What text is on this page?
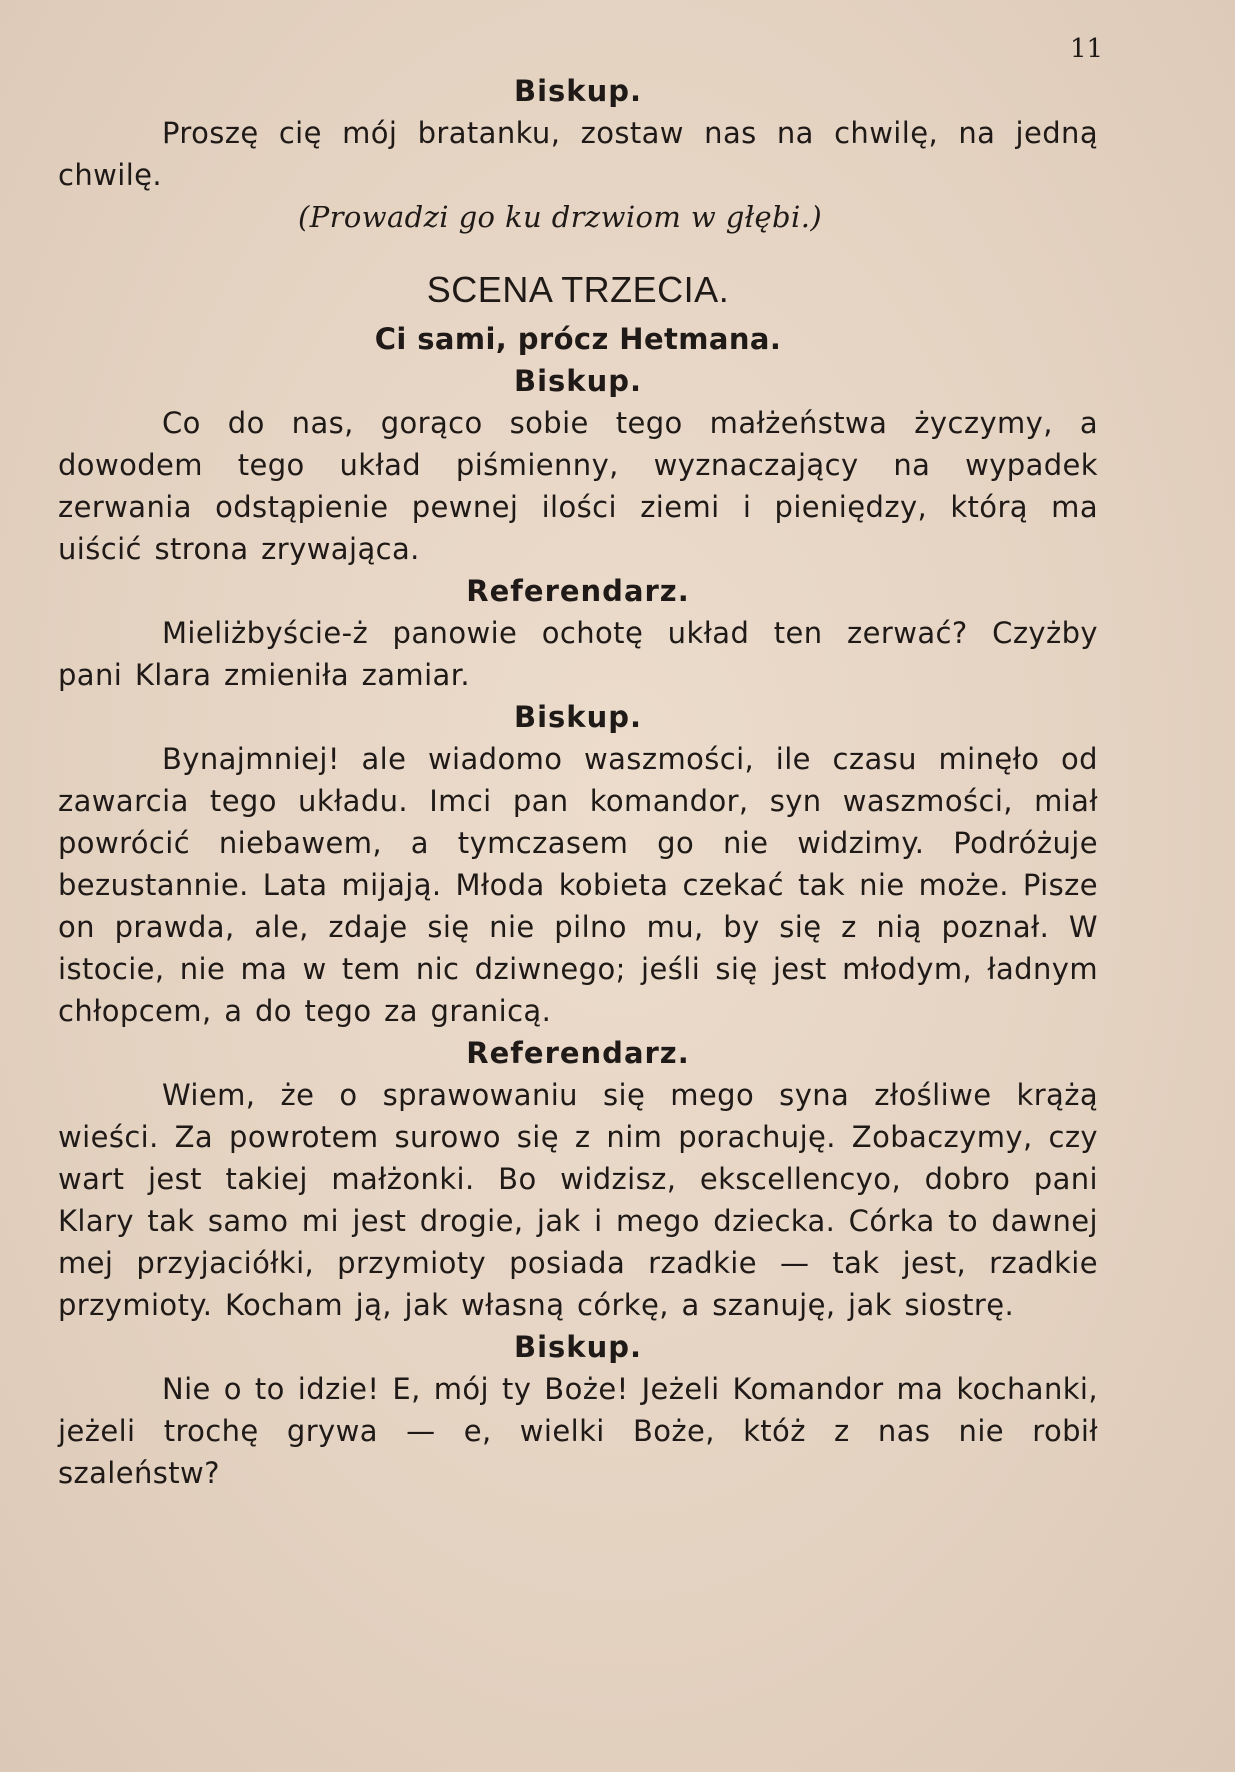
11

Biskup.

Proszę cię mój bratanku, zostaw nas na chwilę, na jedną chwilę.

(Prowadzi go ku drzwiom w głębi.)

SCENA TRZECIA.

Ci sami, prócz Hetmana.

Biskup.

Co do nas, gorąco sobie tego małżeństwa życzymy, a dowodem tego układ piśmienny, wyznaczający na wypadek zerwania odstąpienie pewnej ilości ziemi i pieniędzy, którą ma uiścić strona zrywająca.

Referendarz.

Mieliżbyście-ż panowie ochotę układ ten zerwać? Czyżby pani Klara zmieniła zamiar.

Biskup.

Bynajmniej! ale wiadomo waszmości, ile czasu minęło od zawarcia tego układu. Imci pan komandor, syn waszmości, miał powrócić niebawem, a tymczasem go nie widzimy. Podróżuje bezustannie. Lata mijają. Młoda kobieta czekać tak nie może. Pisze on prawda, ale, zdaje się nie pilno mu, by się z nią poznał. W istocie, nie ma w tem nic dziwnego; jeśli się jest młodym, ładnym chłopcem, a do tego za granicą.

Referendarz.

Wiem, że o sprawowaniu się mego syna złośliwe krążą wieści. Za powrotem surowo się z nim porachuję. Zobaczymy, czy wart jest takiej małżonki. Bo widzisz, ekscellencyo, dobro pani Klary tak samo mi jest drogie, jak i mego dziecka. Córka to dawnej mej przyjaciółki, przymioty posiada rzadkie — tak jest, rzadkie przymioty. Kocham ją, jak własną córkę, a szanuję, jak siostrę.

Biskup.

Nie o to idzie! E, mój ty Boże! Jeżeli Komandor ma kochanki, jeżeli trochę grywa — e, wielki Boże, któż z nas nie robił szaleństw?
